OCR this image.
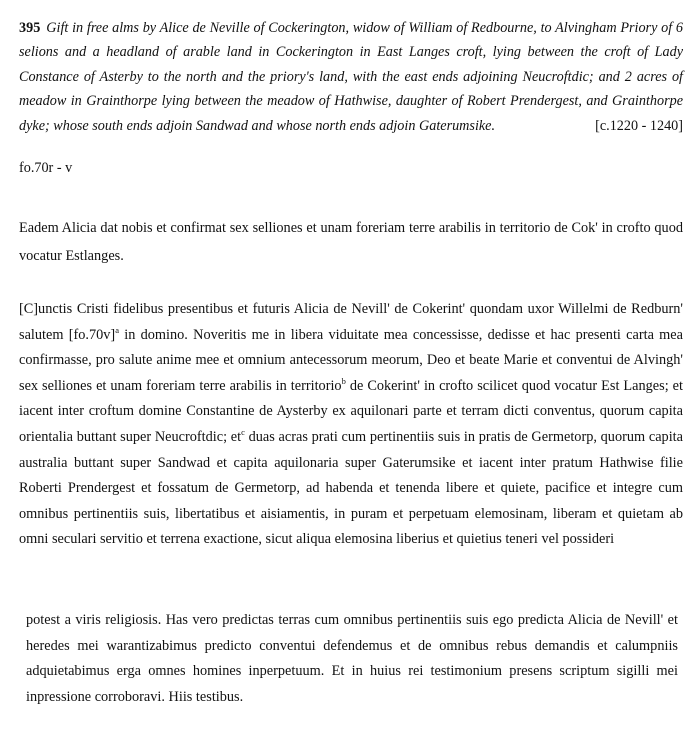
395 Gift in free alms by Alice de Neville of Cockerington, widow of William of Redbourne, to Alvingham Priory of 6 selions and a headland of arable land in Cockerington in East Langes croft, lying between the croft of Lady Constance of Asterby to the north and the priory's land, with the east ends adjoining Neucroftdic; and 2 acres of meadow in Grainthorpe lying between the meadow of Hathwise, daughter of Robert Prendergest, and Grainthorpe dyke; whose south ends adjoin Sandwad and whose north ends adjoin Gaterumsike.	[c.1220 - 1240]
fo.70r - v
Eadem Alicia dat nobis et confirmat sex selliones et unam foreriam terre arabilis in territorio de Cok' in crofto quod vocatur Estlanges.
[C]unctis Cristi fidelibus presentibus et futuris Alicia de Nevill' de Cokerint' quondam uxor Willelmi de Redburn' salutem $[fo.70v]^a$ in domino. Noveritis me in libera viduitate mea concessisse, dedisse et hac presenti carta mea confirmasse, pro salute anime mee et omnium antecessorum meorum, Deo et beate Marie et conventui de Alvingh' sex selliones et unam foreriam terre arabilis in territorio$^b$ de Cokerint' in crofto scilicet quod vocatur Est Langes; et iacent inter croftum domine Constantine de Aysterby ex aquilonari parte et terram dicti conventus, quorum capita orientalia buttant super Neucroftdic; $et^c$ duas acras prati cum pertinentiis suis in pratis de Germetorp, quorum capita australia buttant super Sandwad et capita aquilonaria super Gaterumsike et iacent inter pratum Hathwise filie Roberti Prendergest et fossatum de Germetorp, ad habenda et tenenda libere et quiete, pacifice et integre cum omnibus pertinentiis suis, libertatibus et aisiamentis, in puram et perpetuam elemosinam, liberam et quietam ab omni seculari servitio et terrena exactione, sicut aliqua elemosina liberius et quietius teneri vel possideri
potest a viris religiosis. Has vero predictas terras cum omnibus pertinentiis suis ego predicta Alicia de Nevill' et heredes mei warantizabimus predicto conventui defendemus et de omnibus rebus demandis et calumpniis adquietabimus erga omnes homines inperpetuum. Et in huius rei testimonium presens scriptum sigilli mei inpressione corroboravi. Hiis testibus.
